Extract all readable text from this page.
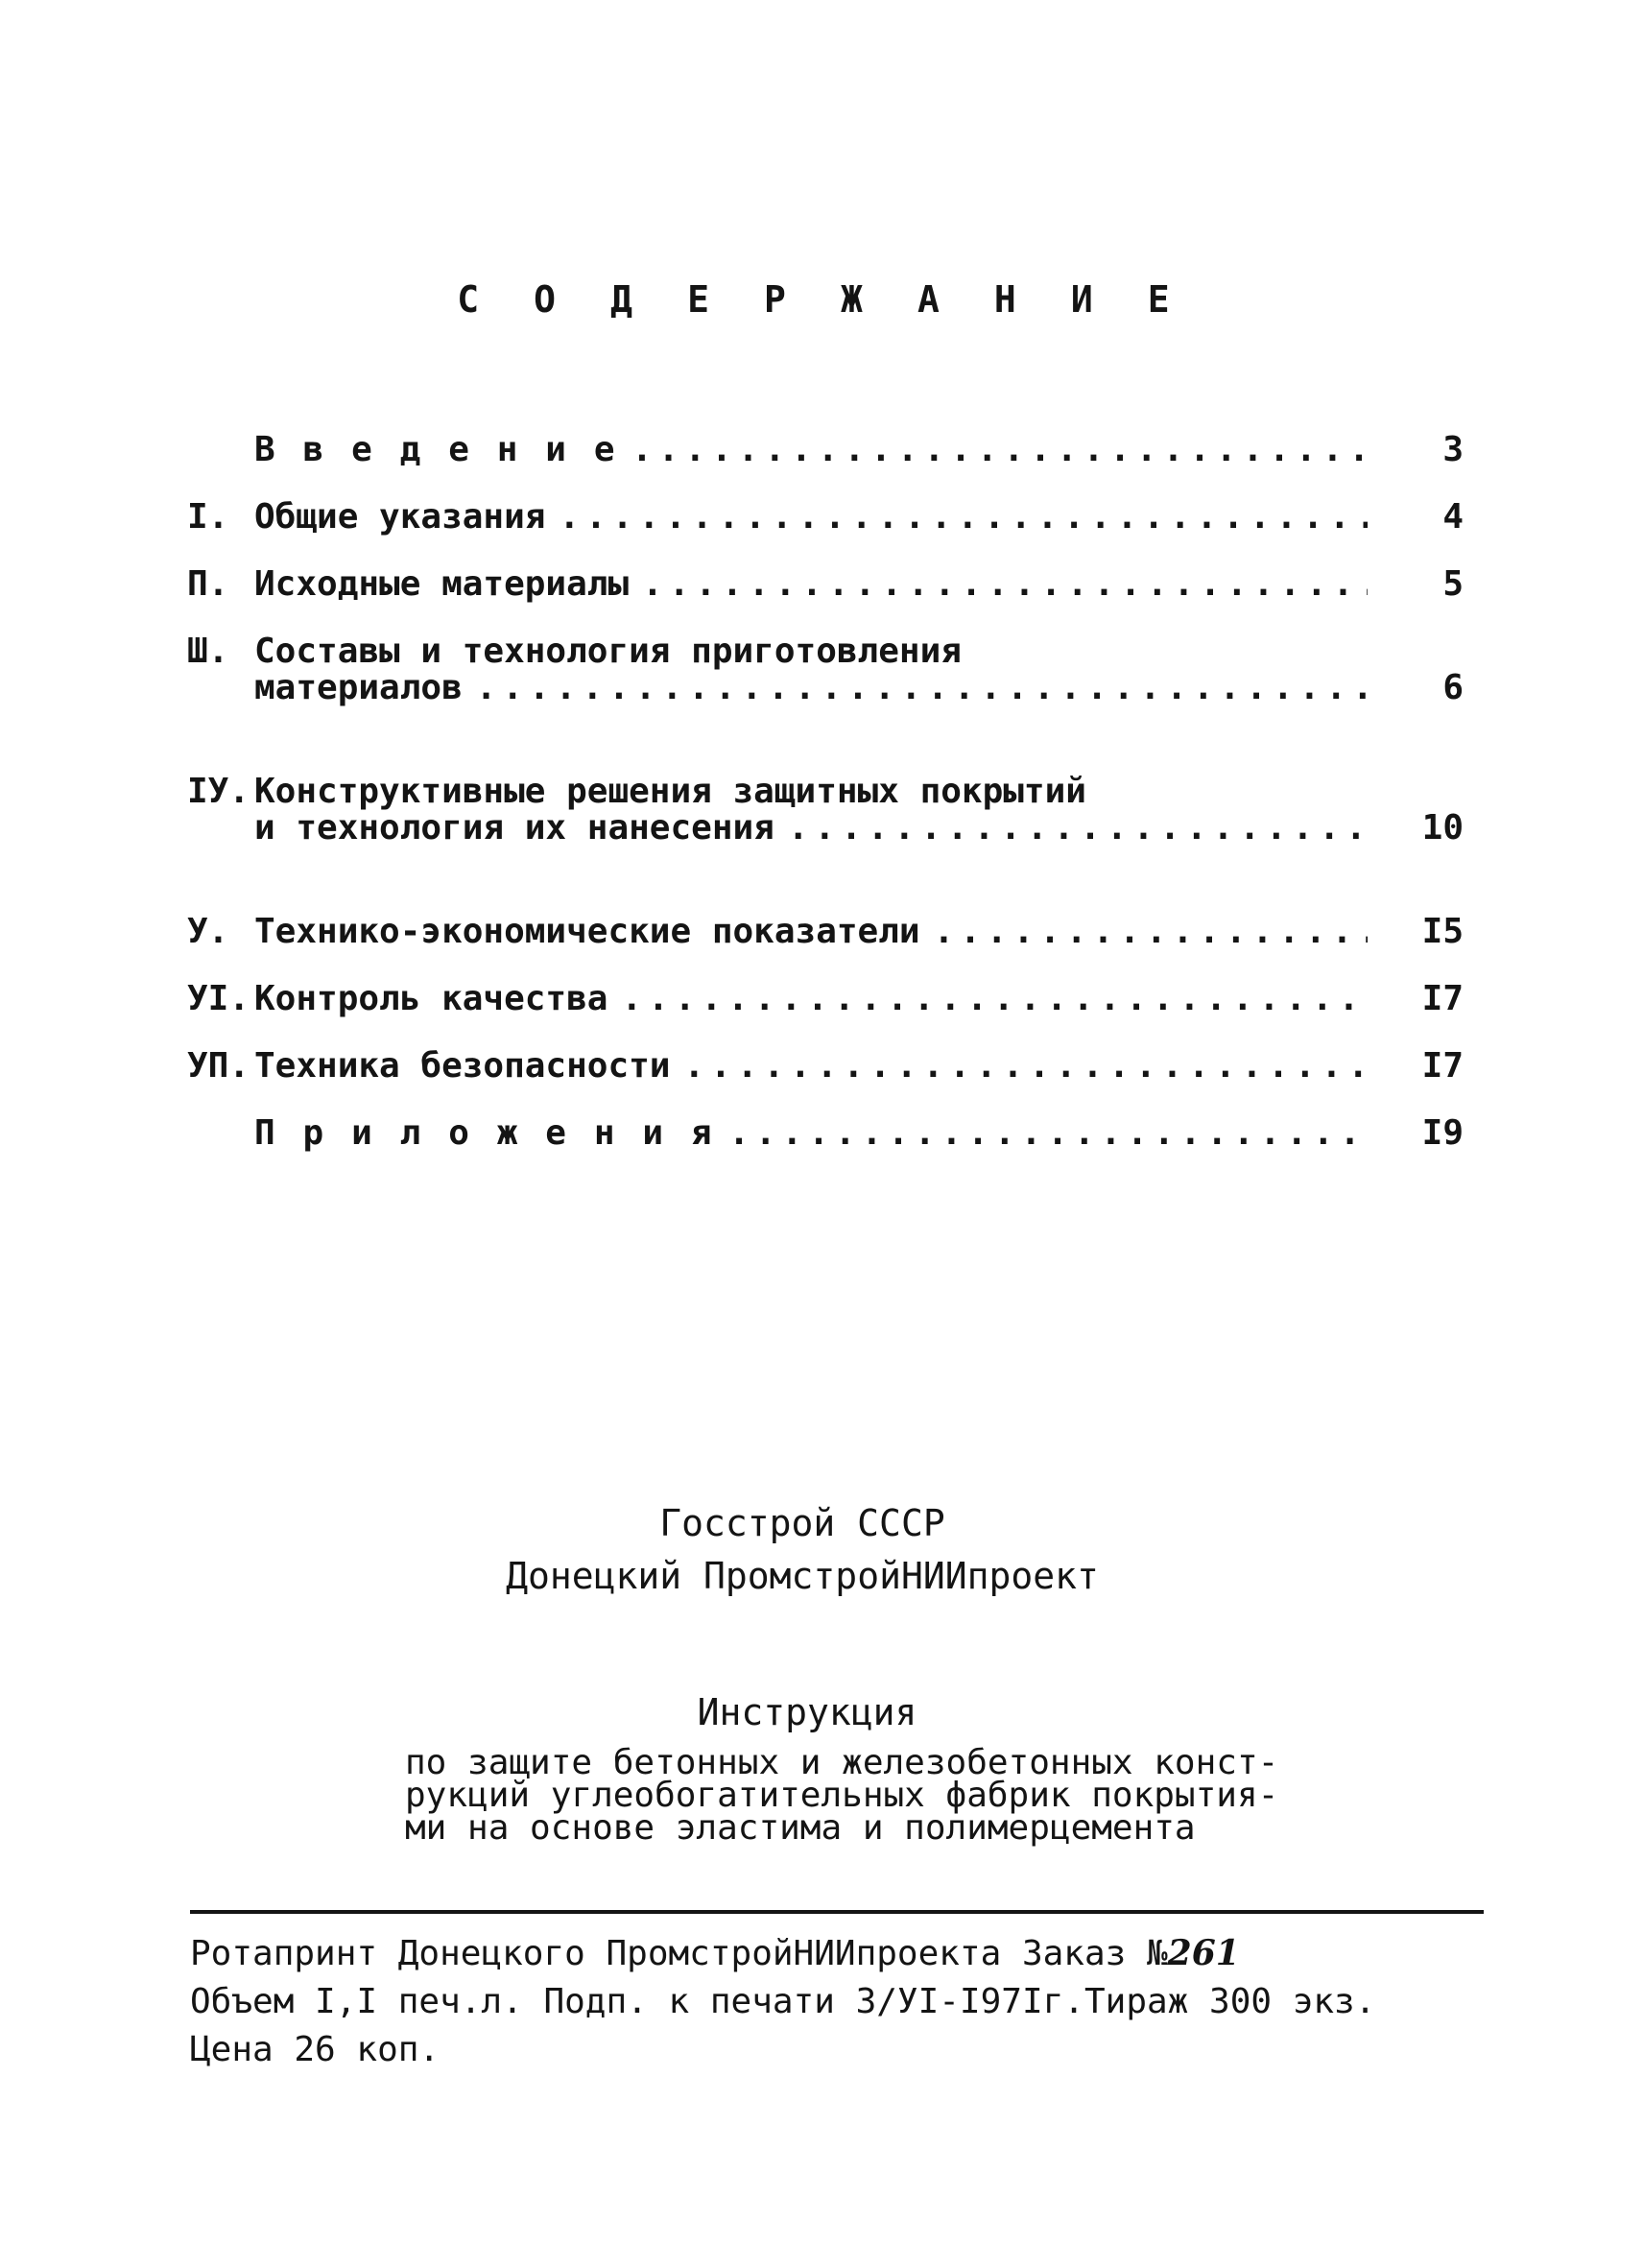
С О Д Е Р Ж А Н И Е
В в е д е н и е .....	3
I. Общие указания .....	4
П. Исходные материалы .....	5
Ш. Составы и технология приготовления
материалов .....	6
IУ. Конструктивные решения защитных покрытий
и технология их нанесения .....	10
У. Технико-экономические показатели .....	I5
УI. Контроль качества .....	I7
УП. Техника безопасности .....	I7
П р и л о ж е н и я .....	I9
Госстрой СССР
Донецкий ПромстройНИИпроект
Инструкция
по защите бетонных и железобетонных конст-
рукций углеобогатительных фабрик покрытия-
ми на основе эластима и полимерцемента
Ротапринт Донецкого ПромстройНИИпроекта Заказ №261
Объем I,I печ.л. Подп. к печати 3/УI-I97Iг.Тираж 300 экз.
Цена 26 коп.
